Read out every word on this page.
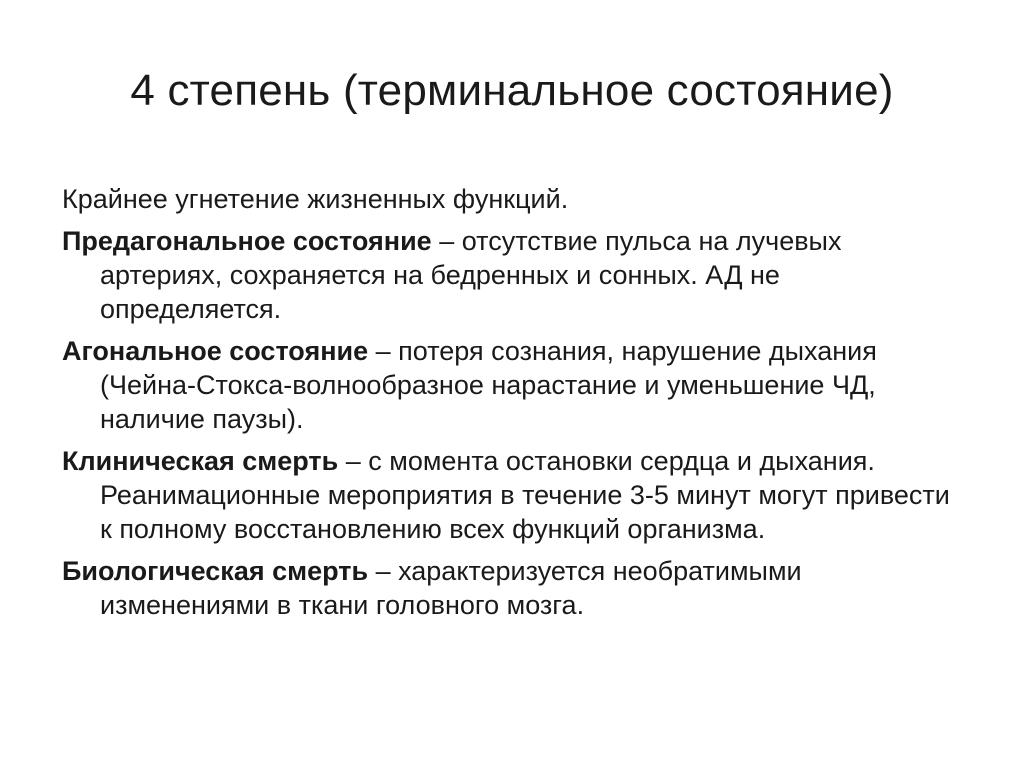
4 степень (терминальное состояние)

Крайнее угнетение жизненных функций.

Предагональное состояние – отсутствие пульса на лучевых артериях, сохраняется на бедренных и сонных. АД не определяется.

Агональное состояние – потеря сознания, нарушение дыхания (Чейна-Стокса-волнообразное нарастание и уменьшение ЧД, наличие паузы).

Клиническая смерть – с момента остановки сердца и дыхания. Реанимационные мероприятия в течение 3-5 минут могут привести к полному восстановлению всех функций организма.

Биологическая смерть – характеризуется необратимыми изменениями в ткани головного мозга.
